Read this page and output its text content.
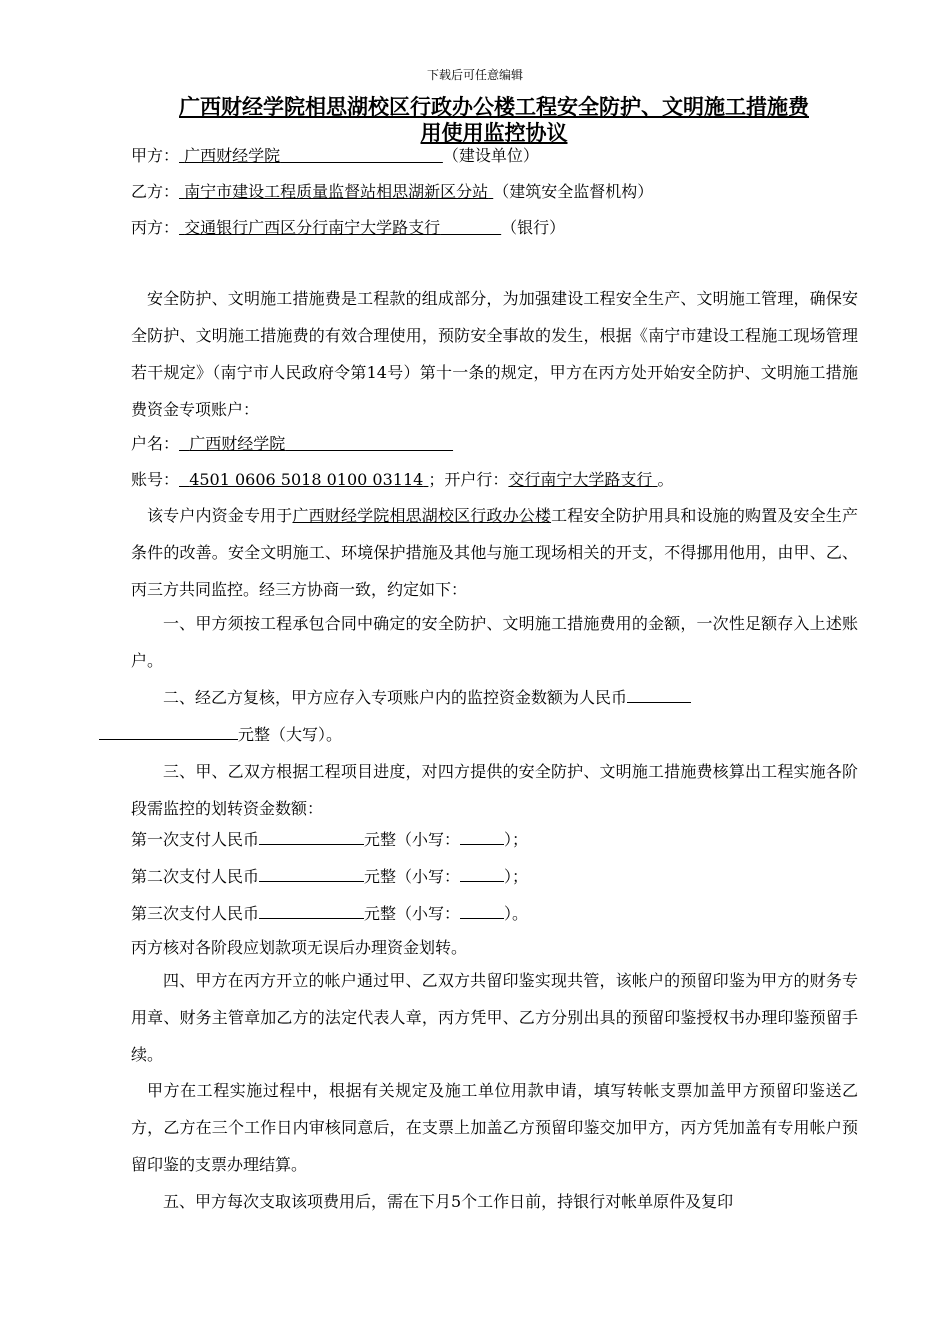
下载后可任意编辑
广西财经学院相思湖校区行政办公楼工程安全防护、文明施工措施费
用使用监控协议
甲方： 广西财经学院	（建设单位）
乙方： 南宁市建设工程质量监督站相思湖新区分站 （建筑安全监督机构）
丙方： 交通银行广西区分行南宁大学路支行	（银行）
安全防护、文明施工措施费是工程款的组成部分，为加强建设工程安全生产、文明施工管理，确保安全防护、文明施工措施费的有效合理使用，预防安全事故的发生，根据《南宁市建设工程施工现场管理若干规定》（南宁市人民政府令第14号）第十一条的规定，甲方在丙方处开始安全防护、文明施工措施费资金专项账户：
户名： 广西财经学院
账号： 4501 0606 5018 0100 03114 ；开户行：交行南宁大学路支行 。
该专户内资金专用于广西财经学院相思湖校区行政办公楼工程安全防护用具和设施的购置及安全生产条件的改善。安全文明施工、环境保护措施及其他与施工现场相关的开支，不得挪用他用，由甲、乙、丙三方共同监控。经三方协商一致，约定如下：
一、甲方须按工程承包合同中确定的安全防护、文明施工措施费用的金额，一次性足额存入上述账户。
二、经乙方复核，甲方应存入专项账户内的监控资金数额为人民币
元整（大写）。
三、甲、乙双方根据工程项目进度，对四方提供的安全防护、文明施工措施费核算出工程实施各阶段需监控的划转资金数额：
第一次支付人民币	元整（小写：	）；
第二次支付人民币	元整（小写：	）；
第三次支付人民币	元整（小写：	）。
丙方核对各阶段应划款项无误后办理资金划转。
四、甲方在丙方开立的帐户通过甲、乙双方共留印鉴实现共管，该帐户的预留印鉴为甲方的财务专用章、财务主管章加乙方的法定代表人章，丙方凭甲、乙方分别出具的预留印鉴授权书办理印鉴预留手续。
甲方在工程实施过程中，根据有关规定及施工单位用款申请，填写转帐支票加盖甲方预留印鉴送乙方，乙方在三个工作日内审核同意后，在支票上加盖乙方预留印鉴交加甲方，丙方凭加盖有专用帐户预留印鉴的支票办理结算。
五、甲方每次支取该项费用后，需在下月5个工作日前，持银行对帐单原件及复印
